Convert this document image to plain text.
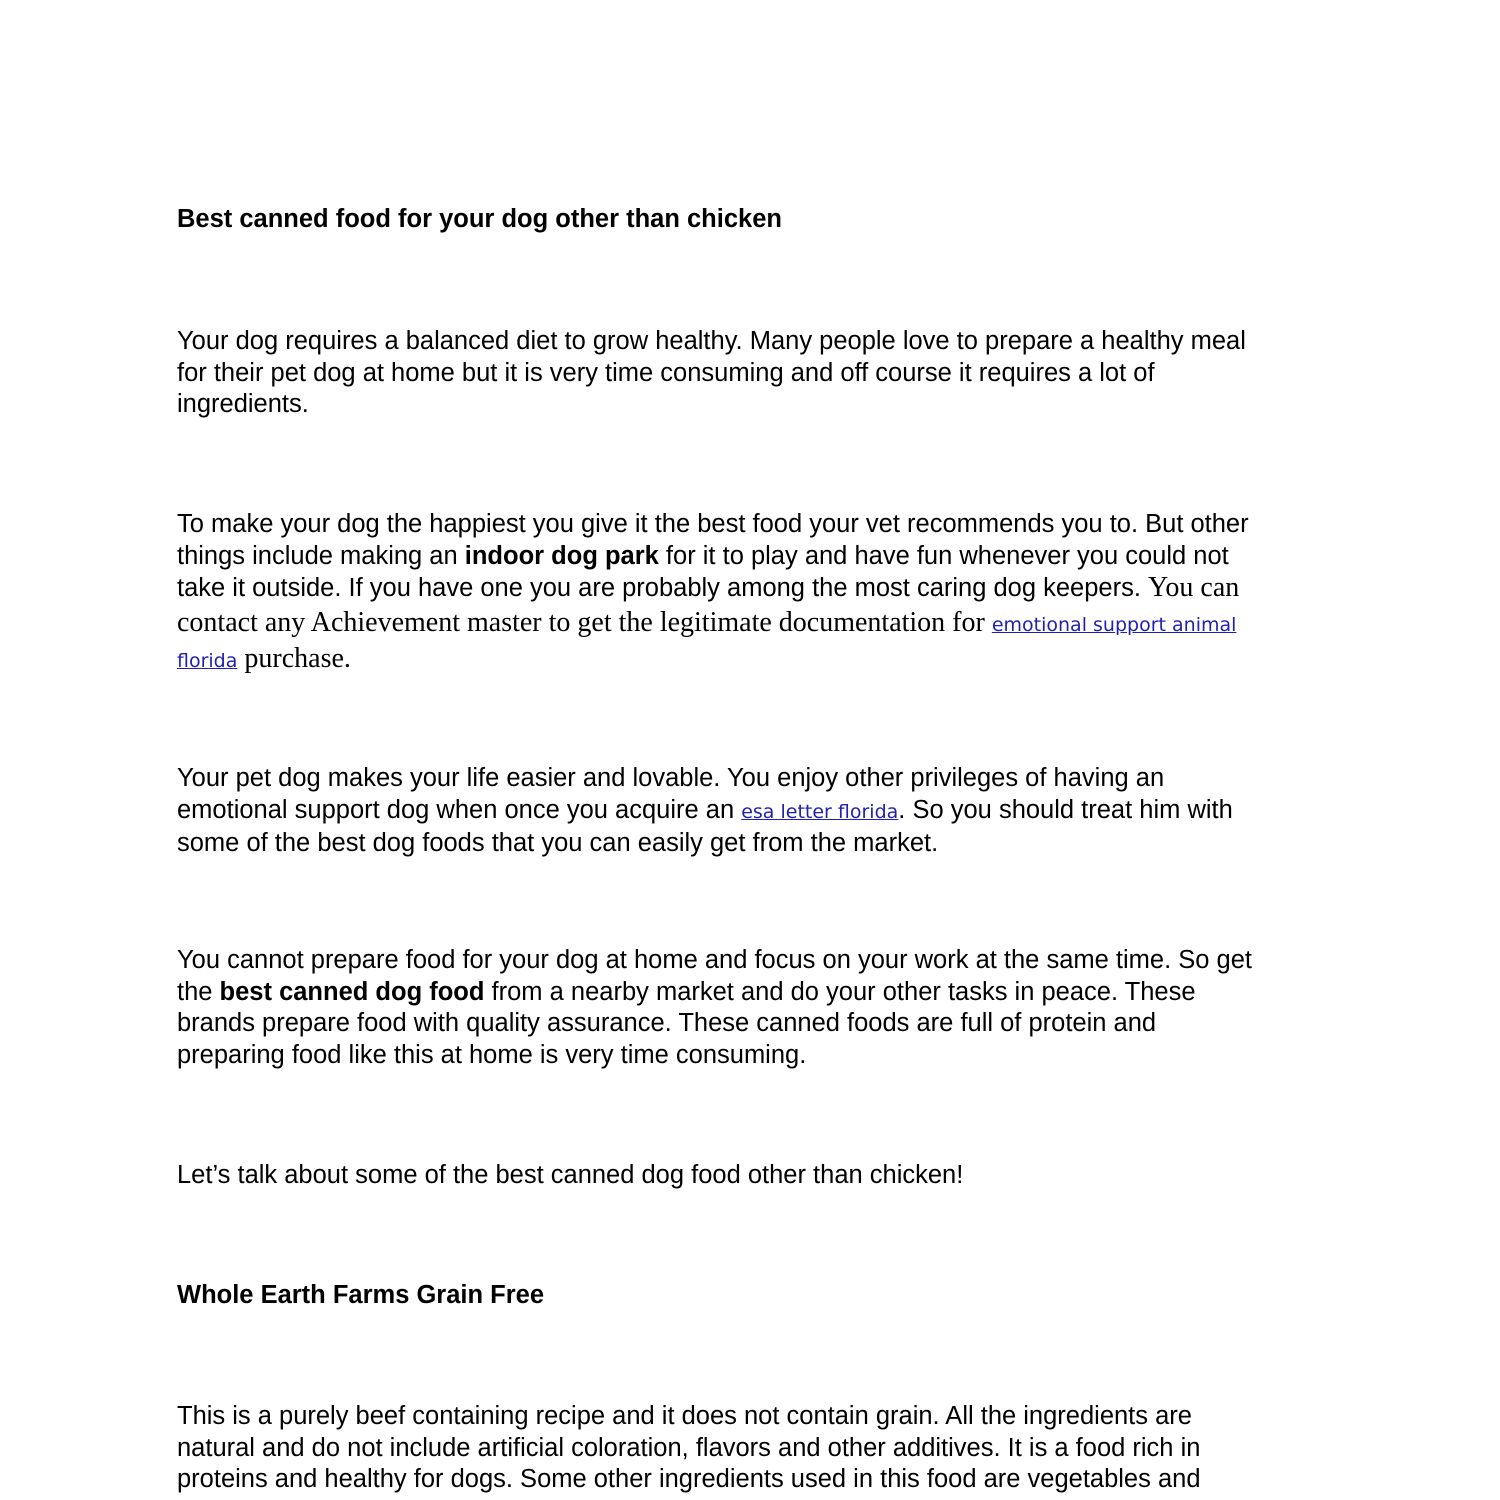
Best canned food for your dog other than chicken

Your dog requires a balanced diet to grow healthy. Many people love to prepare a healthy meal
for their pet dog at home but it is very time consuming and off course it requires a lot of
ingredients.

To make your dog the happiest you give it the best food your vet recommends you to. But other
things include making an indoor dog park for it to play and have fun whenever you could not
take it outside. If you have one you are probably among the most caring dog keepers. You can
contact any Achievement master to get the legitimate documentation for emotional support animal
florida purchase.

Your pet dog makes your life easier and lovable. You enjoy other privileges of having an
emotional support dog when once you acquire an esa letter florida. So you should treat him with
some of the best dog foods that you can easily get from the market.

You cannot prepare food for your dog at home and focus on your work at the same time. So get
the best canned dog food from a nearby market and do your other tasks in peace. These
brands prepare food with quality assurance. These canned foods are full of protein and
preparing food like this at home is very time consuming.

Let’s talk about some of the best canned dog food other than chicken!

Whole Earth Farms Grain Free

This is a purely beef containing recipe and it does not contain grain. All the ingredients are
natural and do not include artificial coloration, flavors and other additives. It is a food rich in
proteins and healthy for dogs. Some other ingredients used in this food are vegetables and
